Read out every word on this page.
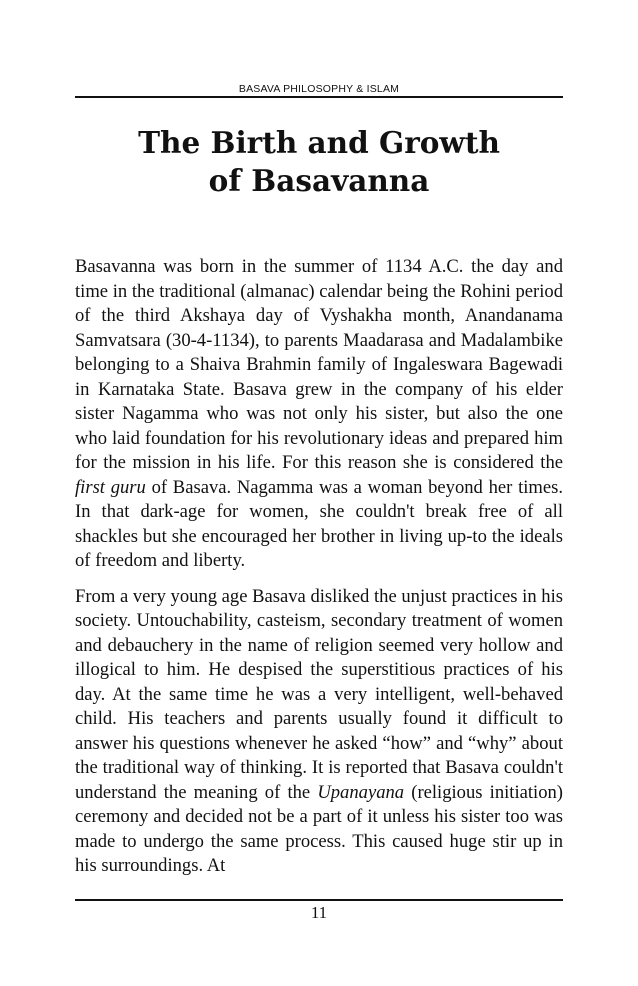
BASAVA PHILOSOPHY & ISLAM
The Birth and Growth
of Basavanna

Basavanna was born in the summer of 1134 A.C. the day and time in the traditional (almanac) calendar being the Rohini period of the third Akshaya day of Vyshakha month, Anandanama Samvatsara (30-4-1134), to parents Maadarasa and Madalambike belonging to a Shaiva Brahmin family of Ingaleswara Bagewadi in Karnataka State. Basava grew in the company of his elder sister Nagamma who was not only his sister, but also the one who laid foundation for his revolutionary ideas and prepared him for the mission in his life. For this reason she is considered the first guru of Basava. Nagamma was a woman beyond her times. In that dark-age for women, she couldn't break free of all shackles but she encouraged her brother in living up-to the ideals of freedom and liberty.

From a very young age Basava disliked the unjust practices in his society. Untouchability, casteism, secondary treatment of women and debauchery in the name of religion seemed very hollow and illogical to him. He despised the superstitious practices of his day. At the same time he was a very intelligent, well-behaved child. His teachers and parents usually found it difficult to answer his questions whenever he asked “how” and “why” about the traditional way of thinking. It is reported that Basava couldn't understand the meaning of the Upanayana (religious initiation) ceremony and decided not be a part of it unless his sister too was made to undergo the same process. This caused huge stir up in his surroundings. At

11
